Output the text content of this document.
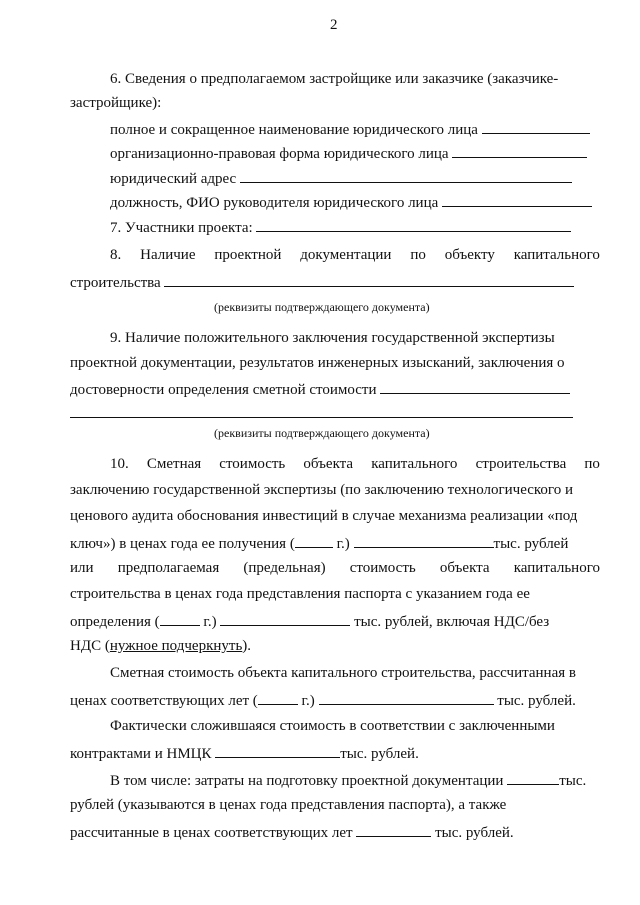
2
6. Сведения о предполагаемом застройщике или заказчике (заказчике-
застройщике):
полное и сокращенное наименование юридического лица
организационно-правовая форма юридического лица
юридический адрес
должность, ФИО руководителя юридического лица
7. Участники проекта:
8. Наличие проектной документации по объекту капитального
строительства
(реквизиты подтверждающего документа)
9. Наличие положительного заключения государственной экспертизы
проектной документации, результатов инженерных изысканий, заключения о
достоверности определения сметной стоимости
(реквизиты подтверждающего документа)
10. Сметная стоимость объекта капитального строительства по
заключению государственной экспертизы (по заключению технологического и
ценового аудита обоснования инвестиций в случае механизма реализации «под
ключ») в ценах года ее получения (	г.)	тыс. рублей
или предполагаемая (предельная) стоимость объекта капитального
строительства в ценах года представления паспорта с указанием года ее
определения (	г.)	тыс. рублей, включая НДС/без
НДС (нужное подчеркнуть).
Сметная стоимость объекта капитального строительства, рассчитанная в
ценах соответствующих лет (	г.)	тыс. рублей.
Фактически сложившаяся стоимость в соответствии с заключенными
контрактами и НМЦК	тыс. рублей.
В том числе: затраты на подготовку проектной документации	тыс.
рублей (указываются в ценах года представления паспорта), а также
рассчитанные в ценах соответствующих лет	тыс. рублей.
